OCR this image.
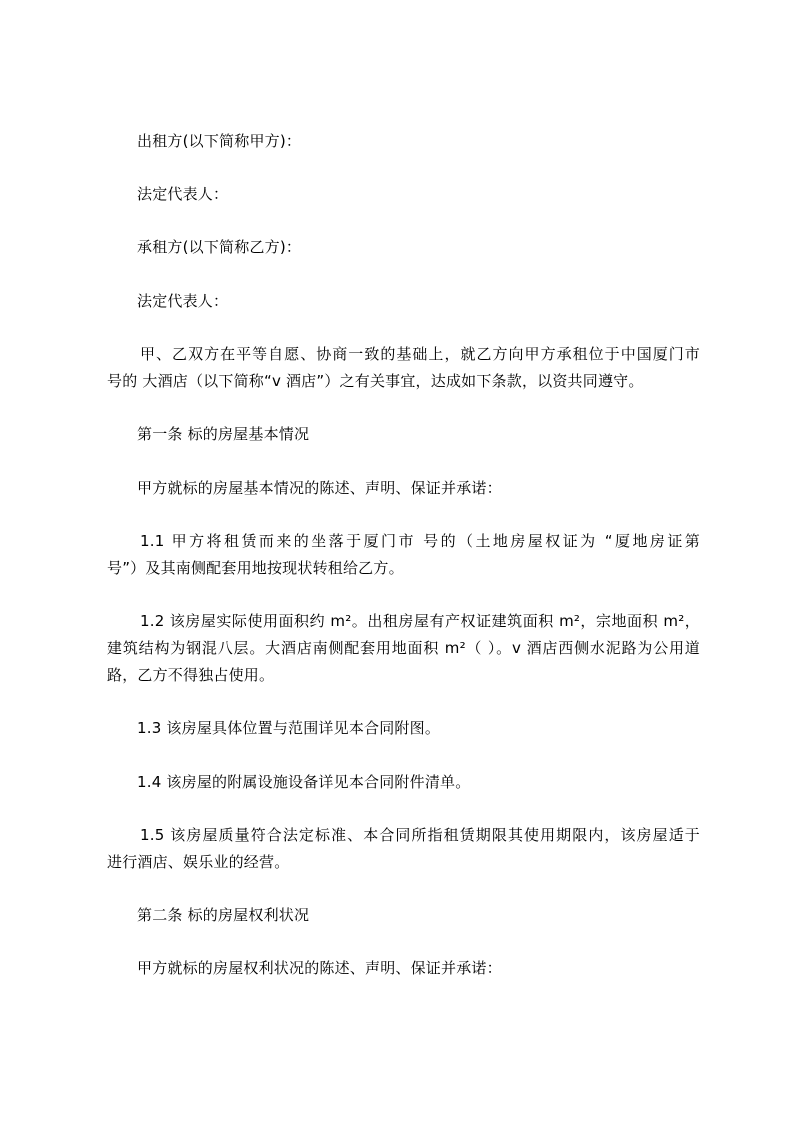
出租方(以下简称甲方)：
法定代表人：
承租方(以下简称乙方)：
法定代表人：
甲、乙双方在平等自愿、协商一致的基础上，就乙方向甲方承租位于中国厦门市
号的 大酒店（以下简称“v 酒店”）之有关事宜，达成如下条款，以资共同遵守。
第一条 标的房屋基本情况
甲方就标的房屋基本情况的陈述、声明、保证并承诺：
1.1 甲方将租赁而来的坐落于厦门市 号的（土地房屋权证为 “厦地房证第
号”）及其南侧配套用地按现状转租给乙方。
1.2 该房屋实际使用面积约 m²。出租房屋有产权证建筑面积 m²，宗地面积 m²，
建筑结构为钢混八层。大酒店南侧配套用地面积 m²（ ）。v 酒店西侧水泥路为公用道
路，乙方不得独占使用。
1.3 该房屋具体位置与范围详见本合同附图。
1.4 该房屋的附属设施设备详见本合同附件清单。
1.5 该房屋质量符合法定标准、本合同所指租赁期限其使用期限内，该房屋适于
进行酒店、娱乐业的经营。
第二条 标的房屋权利状况
甲方就标的房屋权利状况的陈述、声明、保证并承诺：
